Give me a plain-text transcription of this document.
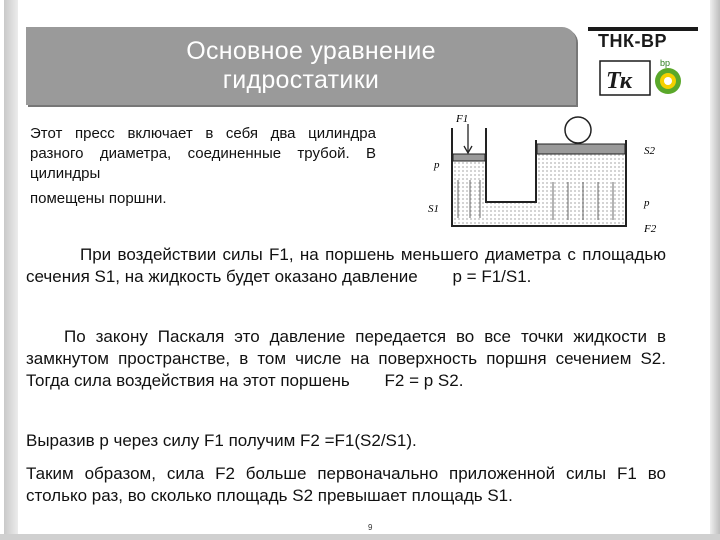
Основное уравнение
гидростатики
ТНК-BP
Тк
bp
Этот пресс включает в себя два цилиндра разного диаметра, соединенные трубой. В цилиндры
помещены поршни.
F1
p
S1
S2
p
F2
При воздействии силы F1, на поршень меньшего диаметра с площадью сечения S1, на жидкость будет оказано давление p = F1/S1.
По закону Паскаля это давление передается во все точки жидкости в замкнутом пространстве, в том числе на поверхность поршня сечением S2. Тогда сила воздействия на этот поршень F2 = p S2.
Выразив p через силу F1 получим F2 =F1(S2/S1).
Таким образом, сила F2 больше первоначально приложенной силы F1 во столько раз, во сколько площадь S2 превышает площадь S1.
9
